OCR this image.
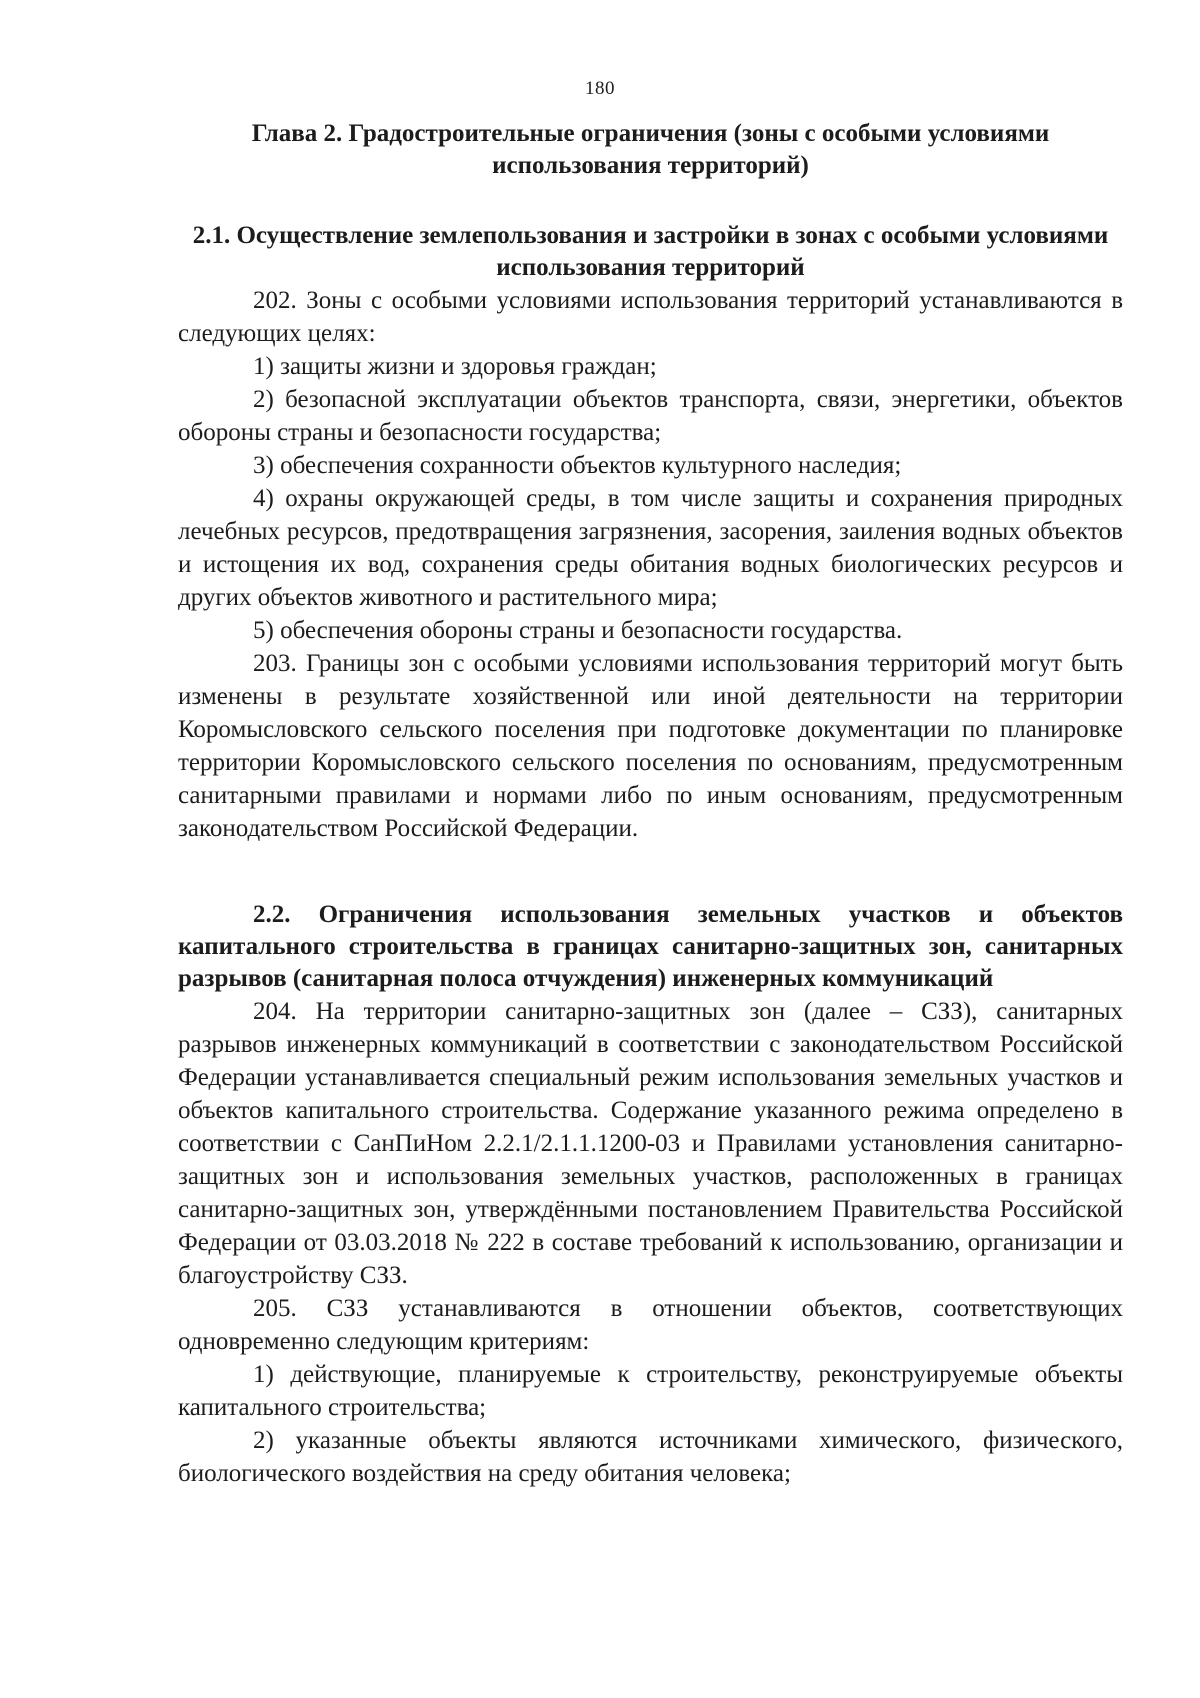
180

Глава 2. Градостроительные ограничения (зоны с особыми условиями использования территорий)

2.1. Осуществление землепользования и застройки в зонах с особыми условиями использования территорий

202. Зоны с особыми условиями использования территорий устанавливаются в следующих целях:

1) защиты жизни и здоровья граждан;

2) безопасной эксплуатации объектов транспорта, связи, энергетики, объектов обороны страны и безопасности государства;

3) обеспечения сохранности объектов культурного наследия;

4) охраны окружающей среды, в том числе защиты и сохранения природных лечебных ресурсов, предотвращения загрязнения, засорения, заиления водных объектов и истощения их вод, сохранения среды обитания водных биологических ресурсов и других объектов животного и растительного мира;

5) обеспечения обороны страны и безопасности государства.

203. Границы зон с особыми условиями использования территорий могут быть изменены в результате хозяйственной или иной деятельности на территории Коромысловского сельского поселения при подготовке документации по планировке территории Коромысловского сельского поселения по основаниям, предусмотренным санитарными правилами и нормами либо по иным основаниям, предусмотренным законодательством Российской Федерации.

2.2. Ограничения использования земельных участков и объектов капитального строительства в границах санитарно-защитных зон, санитарных разрывов (санитарная полоса отчуждения) инженерных коммуникаций

204. На территории санитарно-защитных зон (далее – СЗЗ), санитарных разрывов инженерных коммуникаций в соответствии с законодательством Российской Федерации устанавливается специальный режим использования земельных участков и объектов капитального строительства. Содержание указанного режима определено в соответствии с СанПиНом 2.2.1/2.1.1.1200-03 и Правилами установления санитарно-защитных зон и использования земельных участков, расположенных в границах санитарно-защитных зон, утверждёнными постановлением Правительства Российской Федерации от 03.03.2018 № 222 в составе требований к использованию, организации и благоустройству СЗЗ.

205. СЗЗ устанавливаются в отношении объектов, соответствующих одновременно следующим критериям:

1) действующие, планируемые к строительству, реконструируемые объекты капитального строительства;

2) указанные объекты являются источниками химического, физического, биологического воздействия на среду обитания человека;
